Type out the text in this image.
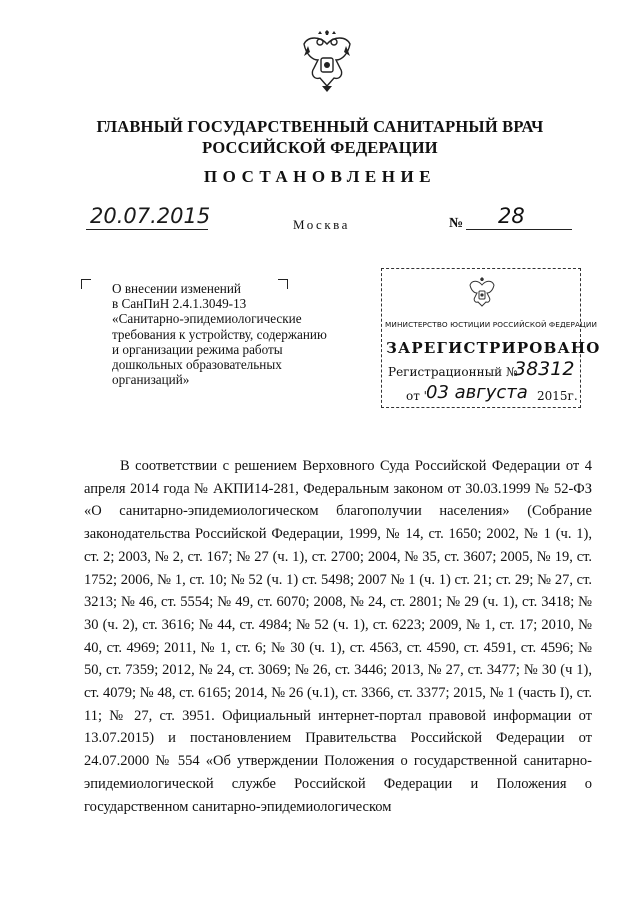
ГЛАВНЫЙ ГОСУДАРСТВЕННЫЙ САНИТАРНЫЙ ВРАЧ
РОССИЙСКОЙ ФЕДЕРАЦИИ
ПОСТАНОВЛЕНИЕ
20.07.2015	Москва	№	28
О внесении изменений
в СанПиН 2.4.1.3049-13
«Санитарно-эпидемиологические
требования к устройству, содержанию
и организации режима работы
дошкольных образовательных
организаций»
МИНИСТЕРСТВО ЮСТИЦИИ РОССИЙСКОЙ ФЕДЕРАЦИИ
ЗАРЕГИСТРИРОВАНО
Регистрационный №
38312
от "
03 августа 2015г.

В соответствии с решением Верховного Суда Российской Федерации от 4 апреля 2014 года № АКПИ14-281, Федеральным законом от 30.03.1999 № 52-ФЗ «О санитарно-эпидемиологическом благополучии населения» (Собрание законодательства Российской Федерации, 1999, № 14, ст. 1650; 2002, № 1 (ч. 1), ст. 2; 2003, № 2, ст. 167; № 27 (ч. 1), ст. 2700; 2004, № 35, ст. 3607; 2005, № 19, ст. 1752; 2006, № 1, ст. 10; № 52 (ч. 1) ст. 5498; 2007 № 1 (ч. 1) ст. 21; ст. 29; № 27, ст. 3213; № 46, ст. 5554; № 49, ст. 6070; 2008, № 24, ст. 2801; № 29 (ч. 1), ст. 3418; № 30 (ч. 2), ст. 3616; № 44, ст. 4984; № 52 (ч. 1), ст. 6223; 2009, № 1, ст. 17; 2010, № 40, ст. 4969; 2011, № 1, ст. 6; № 30 (ч. 1), ст. 4563, ст. 4590, ст. 4591, ст. 4596; № 50, ст. 7359; 2012, № 24, ст. 3069; № 26, ст. 3446; 2013, № 27, ст. 3477; № 30 (ч 1), ст. 4079; № 48, ст. 6165; 2014, № 26 (ч.1), ст. 3366, ст. 3377; 2015, № 1 (часть I), ст. 11; № 27, ст. 3951. Официальный интернет-портал правовой информации от 13.07.2015) и постановлением Правительства Российской Федерации от 24.07.2000 № 554 «Об утверждении Положения о государственной санитарно-эпидемиологической службе Российской Федерации и Положения о государственном санитарно-эпидемиологическом
